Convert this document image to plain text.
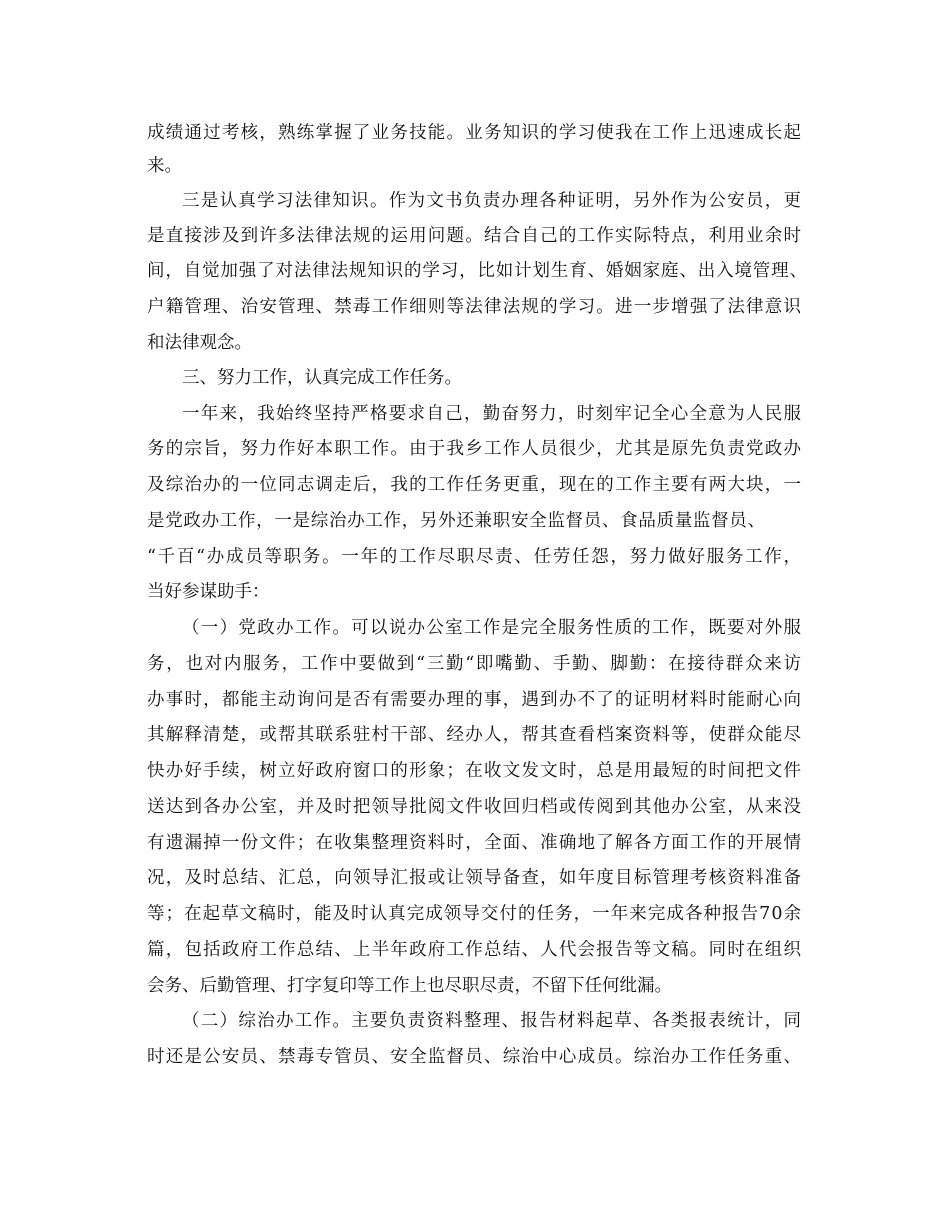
成绩通过考核，熟练掌握了业务技能。业务知识的学习使我在工作上迅速成长起
来。
三是认真学习法律知识。作为文书负责办理各种证明，另外作为公安员，更
是直接涉及到许多法律法规的运用问题。结合自己的工作实际特点，利用业余时
间，自觉加强了对法律法规知识的学习，比如计划生育、婚姻家庭、出入境管理、
户籍管理、治安管理、禁毒工作细则等法律法规的学习。进一步增强了法律意识
和法律观念。
三、努力工作，认真完成工作任务。
一年来，我始终坚持严格要求自己，勤奋努力，时刻牢记全心全意为人民服
务的宗旨，努力作好本职工作。由于我乡工作人员很少，尤其是原先负责党政办
及综治办的一位同志调走后，我的工作任务更重，现在的工作主要有两大块，一
是党政办工作，一是综治办工作，另外还兼职安全监督员、食品质量监督员、
“千百“办成员等职务。一年的工作尽职尽责、任劳任怨，努力做好服务工作，
当好参谋助手：
（一）党政办工作。可以说办公室工作是完全服务性质的工作，既要对外服
务，也对内服务，工作中要做到“三勤“即嘴勤、手勤、脚勤：在接待群众来访
办事时，都能主动询问是否有需要办理的事，遇到办不了的证明材料时能耐心向
其解释清楚，或帮其联系驻村干部、经办人，帮其查看档案资料等，使群众能尽
快办好手续，树立好政府窗口的形象；在收文发文时，总是用最短的时间把文件
送达到各办公室，并及时把领导批阅文件收回归档或传阅到其他办公室，从来没
有遗漏掉一份文件；在收集整理资料时，全面、准确地了解各方面工作的开展情
况，及时总结、汇总，向领导汇报或让领导备查，如年度目标管理考核资料准备
等；在起草文稿时，能及时认真完成领导交付的任务，一年来完成各种报告70余
篇，包括政府工作总结、上半年政府工作总结、人代会报告等文稿。同时在组织
会务、后勤管理、打字复印等工作上也尽职尽责，不留下任何纰漏。
（二）综治办工作。主要负责资料整理、报告材料起草、各类报表统计，同
时还是公安员、禁毒专管员、安全监督员、综治中心成员。综治办工作任务重、
